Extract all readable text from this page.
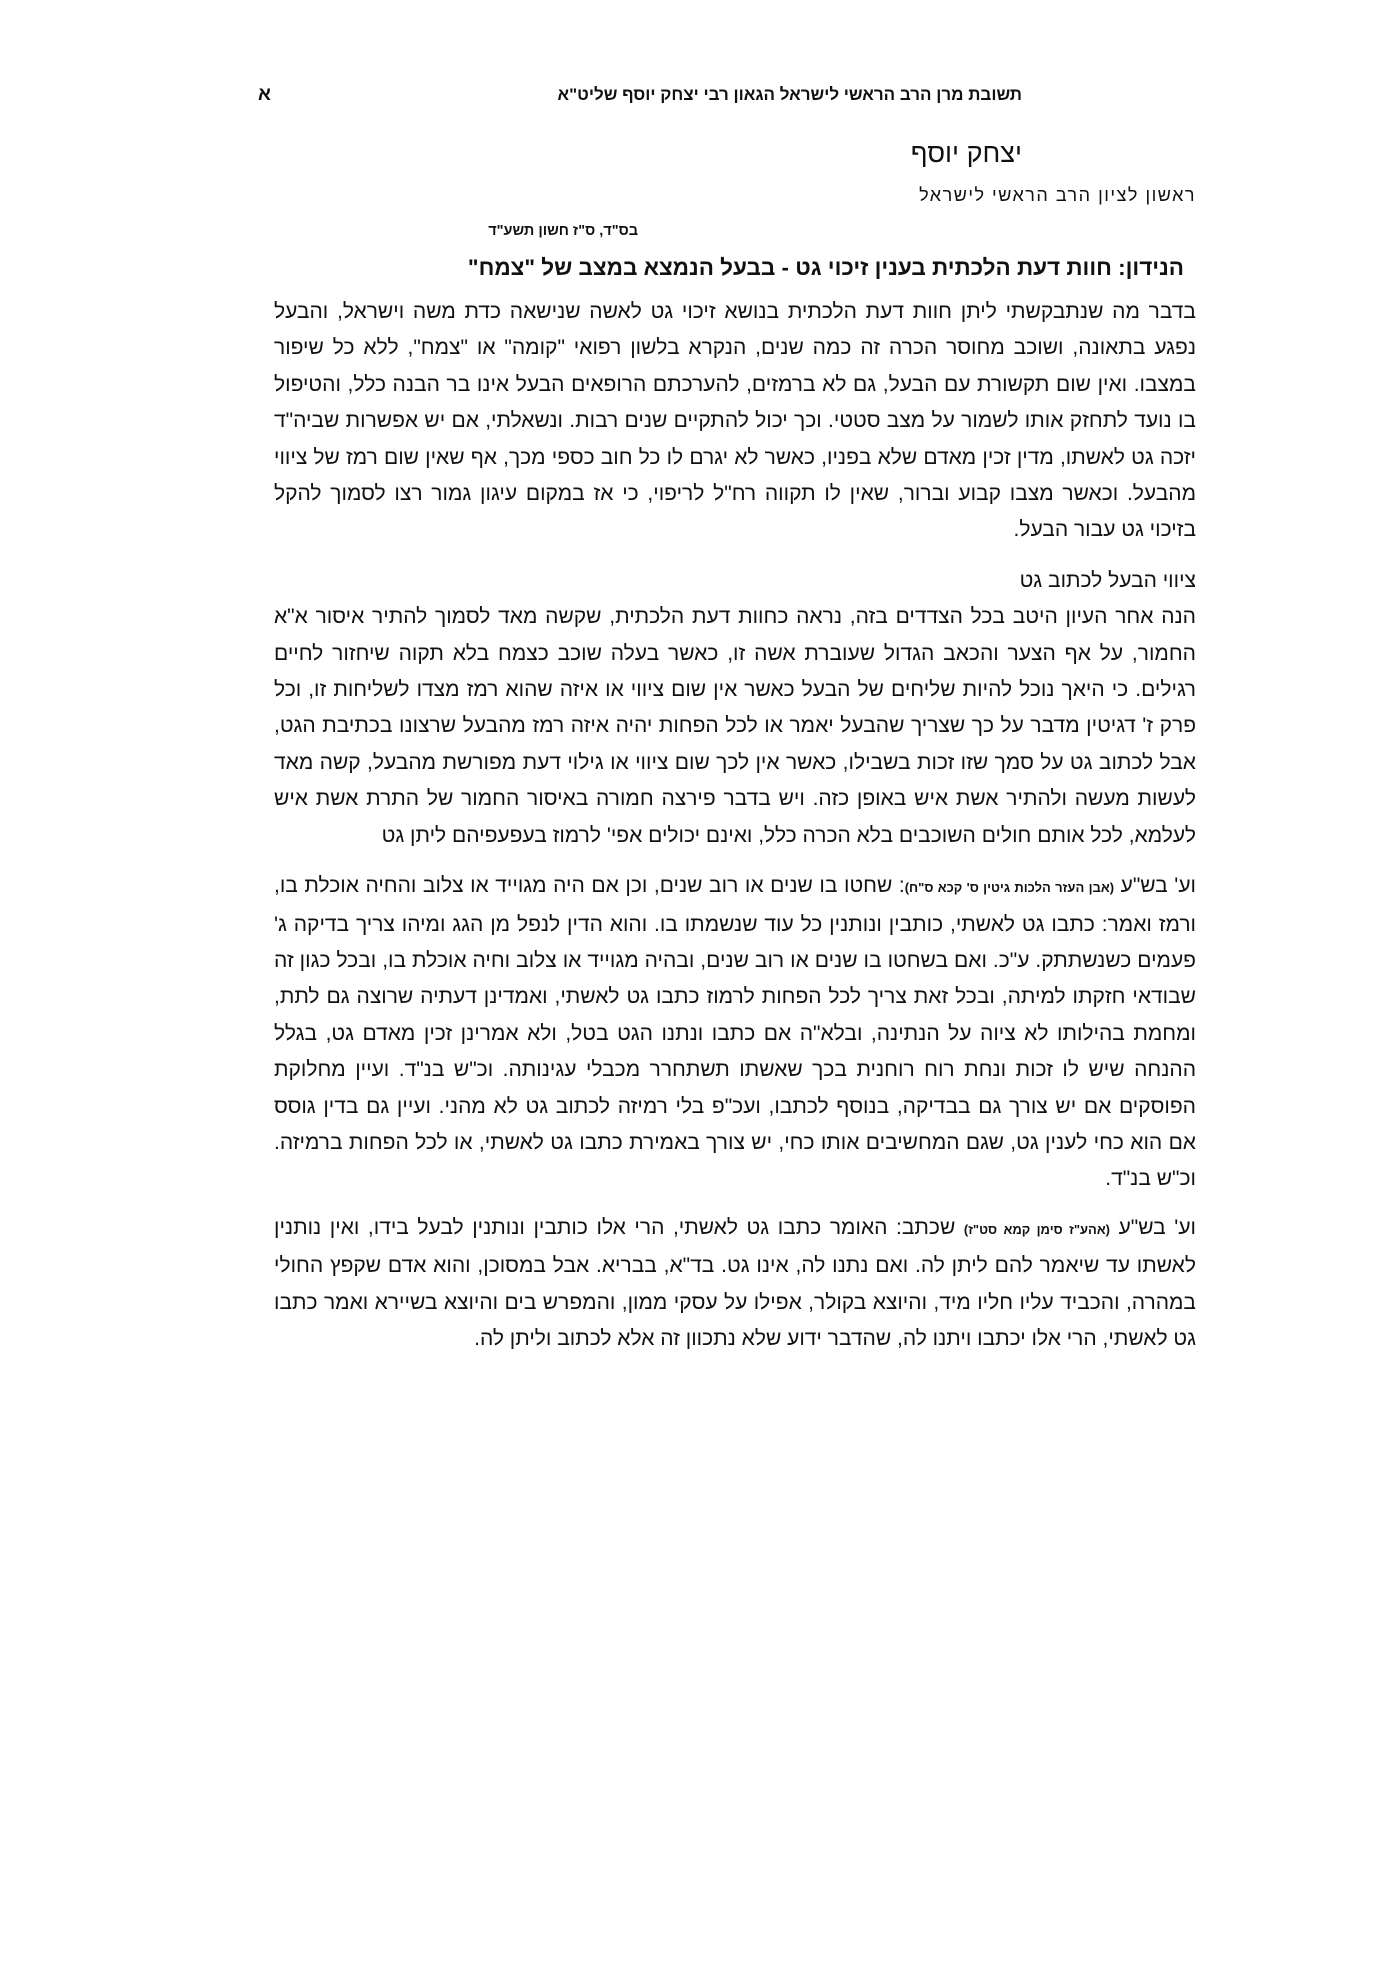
תשובת מרן הרב הראשי לישראל הגאון רבי יצחק יוסף שליט"א
א
יצחק יוסף
ראשון לציון הרב הראשי לישראל
בס"ד, ס"ז חשון תשע"ד
הנידון: חוות דעת הלכתית בענין זיכוי גט - בבעל הנמצא במצב של "צמח"

בדבר מה שנתבקשתי ליתן חוות דעת הלכתית בנושא זיכוי גט לאשה שנישאה כדת משה וישראל, והבעל נפגע בתאונה, ושוכב מחוסר הכרה זה כמה שנים, הנקרא בלשון רפואי "קומה" או "צמח", ללא כל שיפור במצבו. ואין שום תקשורת עם הבעל, גם לא ברמזים, להערכתם הרופאים הבעל אינו בר הבנה כלל, והטיפול בו נועד לתחזק אותו לשמור על מצב סטטי. וכך יכול להתקיים שנים רבות. ונשאלתי, אם יש אפשרות שביה"ד יזכה גט לאשתו, מדין זכין מאדם שלא בפניו, כאשר לא יגרם לו כל חוב כספי מכך, אף שאין שום רמז של ציווי מהבעל. וכאשר מצבו קבוע וברור, שאין לו תקווה רח"ל לריפוי, כי אז במקום עיגון גמור רצו לסמוך להקל בזיכוי גט עבור הבעל.

ציווי הבעל לכתוב גט

הנה אחר העיון היטב בכל הצדדים בזה, נראה כחוות דעת הלכתית, שקשה מאד לסמוך להתיר איסור א"א החמור, על אף הצער והכאב הגדול שעוברת אשה זו, כאשר בעלה שוכב כצמח בלא תקוה שיחזור לחיים רגילים. כי היאך נוכל להיות שליחים של הבעל כאשר אין שום ציווי או איזה שהוא רמז מצדו לשליחות זו, וכל פרק ז' דגיטין מדבר על כך שצריך שהבעל יאמר או לכל הפחות יהיה איזה רמז מהבעל שרצונו בכתיבת הגט, אבל לכתוב גט על סמך שזו זכות בשבילו, כאשר אין לכך שום ציווי או גילוי דעת מפורשת מהבעל, קשה מאד לעשות מעשה ולהתיר אשת איש באופן כזה. ויש בדבר פירצה חמורה באיסור החמור של התרת אשת איש לעלמא, לכל אותם חולים השוכבים בלא הכרה כלל, ואינם יכולים אפי' לרמוז בעפעפיהם ליתן גט

וע' בש"ע (אבן העזר הלכות גיטין ס' קכא ס"ח): שחטו בו שנים או רוב שנים, וכן אם היה מגוייד או צלוב והחיה אוכלת בו, ורמז ואמר: כתבו גט לאשתי, כותבין ונותנין כל עוד שנשמתו בו. והוא הדין לנפל מן הגג ומיהו צריך בדיקה ג' פעמים כשנשתתק. ע"כ. ואם בשחטו בו שנים או רוב שנים, ובהיה מגוייד או צלוב וחיה אוכלת בו, ובכל כגון זה שבודאי חזקתו למיתה, ובכל זאת צריך לכל הפחות לרמוז כתבו גט לאשתי, ואמדינן דעתיה שרוצה גם לתת, ומחמת בהילותו לא ציוה על הנתינה, ובלא"ה אם כתבו ונתנו הגט בטל, ולא אמרינן זכין מאדם גט, בגלל ההנחה שיש לו זכות ונחת רוח רוחנית בכך שאשתו תשתחרר מכבלי עגינותה. וכ"ש בנ"ד. ועיין מחלוקת הפוסקים אם יש צורך גם בבדיקה, בנוסף לכתבו, ועכ"פ בלי רמיזה לכתוב גט לא מהני. ועיין גם בדין גוסס אם הוא כחי לענין גט, שגם המחשיבים אותו כחי, יש צורך באמירת כתבו גט לאשתי, או לכל הפחות ברמיזה. וכ"ש בנ"ד.

וע' בש"ע (אהע"ז סימן קמא סט"ז) שכתב: האומר כתבו גט לאשתי, הרי אלו כותבין ונותנין לבעל בידו, ואין נותנין לאשתו עד שיאמר להם ליתן לה. ואם נתנו לה, אינו גט. בד"א, בבריא. אבל במסוכן, והוא אדם שקפץ החולי במהרה, והכביד עליו חליו מיד, והיוצא בקולר, אפילו על עסקי ממון, והמפרש בים והיוצא בשיירא ואמר כתבו גט לאשתי, הרי אלו יכתבו ויתנו לה, שהדבר ידוע שלא נתכוון זה אלא לכתוב וליתן לה.
